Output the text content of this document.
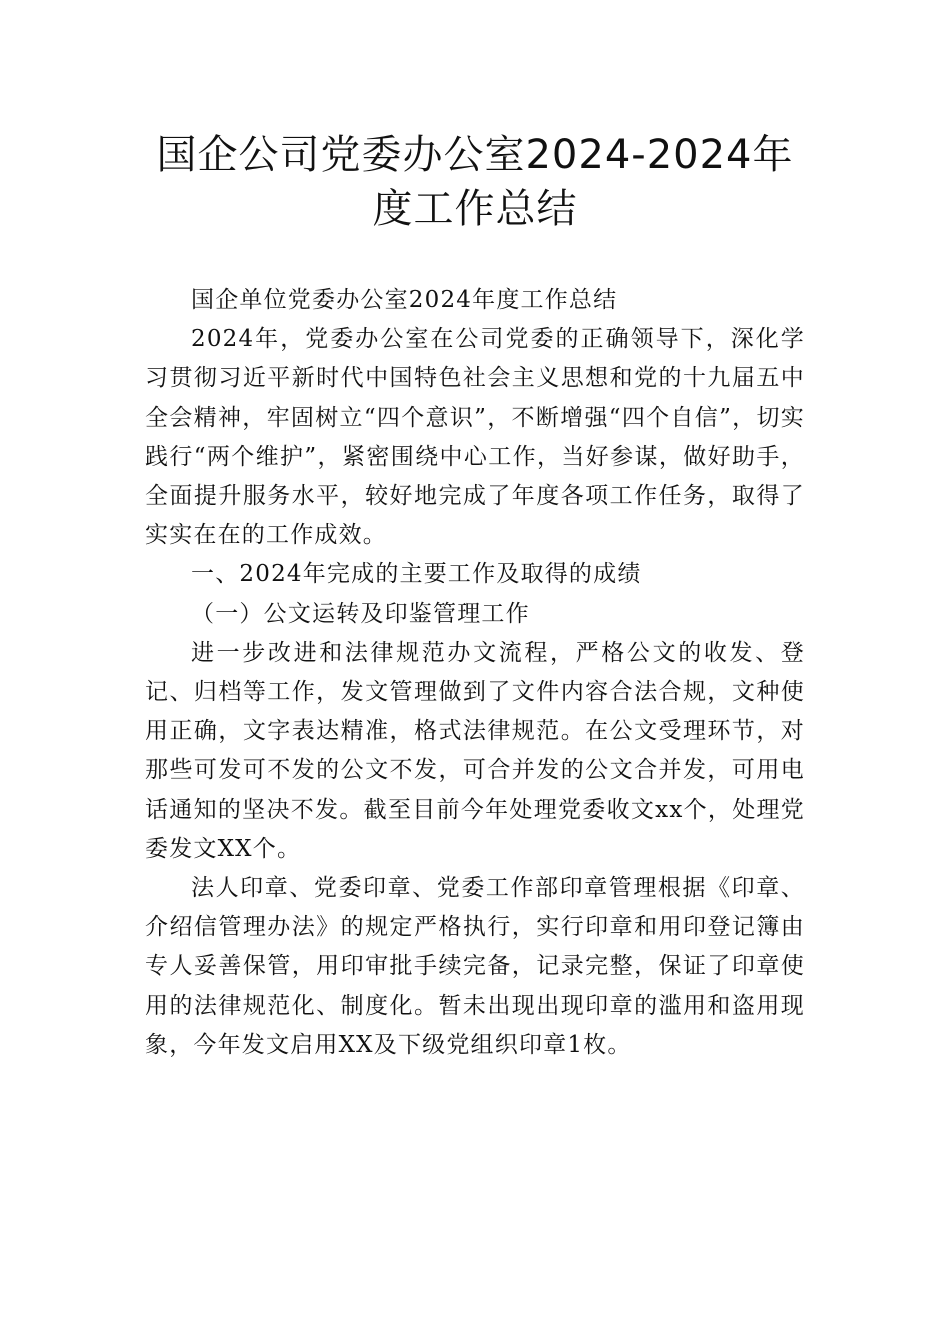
国企公司党委办公室2024-2024年度工作总结

国企单位党委办公室2024年度工作总结

2024年，党委办公室在公司党委的正确领导下，深化学习贯彻习近平新时代中国特色社会主义思想和党的十九届五中全会精神，牢固树立“四个意识”，不断增强“四个自信”，切实践行“两个维护”，紧密围绕中心工作，当好参谋，做好助手，全面提升服务水平，较好地完成了年度各项工作任务，取得了实实在在的工作成效。

一、2024年完成的主要工作及取得的成绩

（一）公文运转及印鉴管理工作

进一步改进和法律规范办文流程，严格公文的收发、登记、归档等工作，发文管理做到了文件内容合法合规，文种使用正确，文字表达精准，格式法律规范。在公文受理环节，对那些可发可不发的公文不发，可合并发的公文合并发，可用电话通知的坚决不发。截至目前今年处理党委收文xx个，处理党委发文XX个。

法人印章、党委印章、党委工作部印章管理根据《印章、介绍信管理办法》的规定严格执行，实行印章和用印登记簿由专人妥善保管，用印审批手续完备，记录完整，保证了印章使用的法律规范化、制度化。暂未出现出现印章的滥用和盗用现象，今年发文启用XX及下级党组织印章1枚。
